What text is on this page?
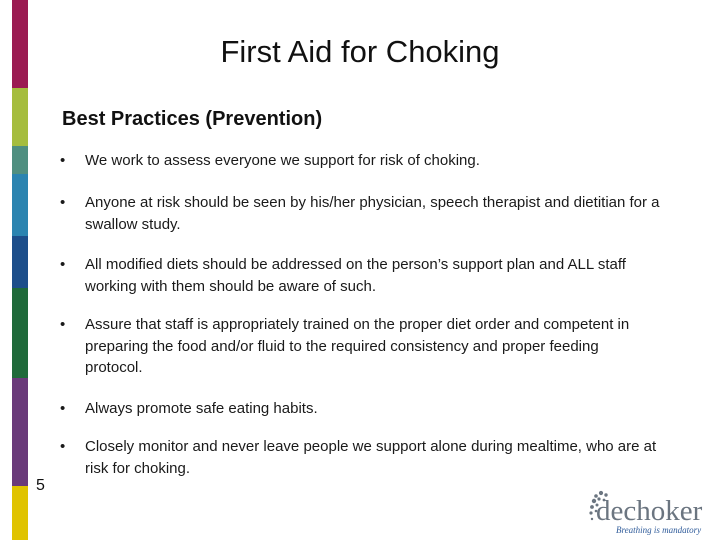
First Aid for Choking
Best Practices (Prevention)
•	We work to assess everyone we support for risk of choking.
•	Anyone at risk should be seen by his/her physician, speech therapist and dietitian for a swallow study.
•	All modified diets should be addressed on the person’s support plan and ALL staff working with them should be aware of such.
•	Assure that staff is appropriately trained on the proper diet order and competent in preparing the food and/or fluid to the required consistency and proper feeding protocol.
•	Always promote safe eating habits.
•	Closely monitor and never leave people we support alone during mealtime, who are at risk for choking.
5
dechoker
Breathing is mandatory
